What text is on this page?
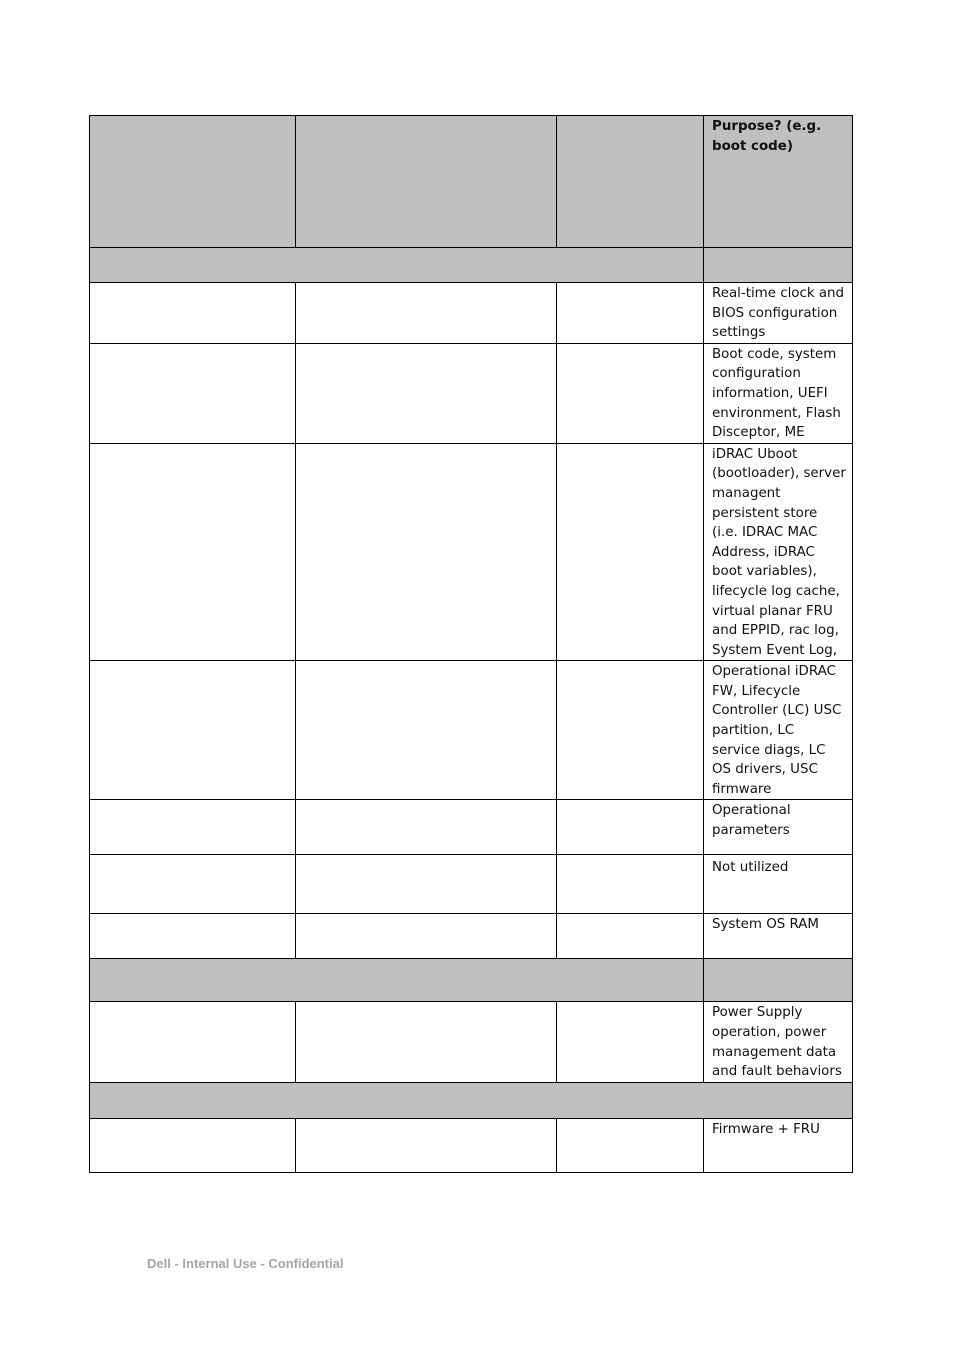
			Purpose? (e.g. boot code)

			Real-time clock and BIOS configuration settings
			Boot code, system configuration information, UEFI environment, Flash Disceptor, ME
			iDRAC Uboot (bootloader), server managent persistent store (i.e. IDRAC MAC Address, iDRAC boot variables), lifecycle log cache, virtual planar FRU and EPPID, rac log, System Event Log,
			Operational iDRAC FW, Lifecycle Controller (LC) USC partition, LC service diags, LC OS drivers, USC firmware
			Operational parameters
			Not utilized
			System OS RAM

			Power Supply operation, power management data and fault behaviors

			Firmware + FRU
Dell - Internal Use - Confidential
